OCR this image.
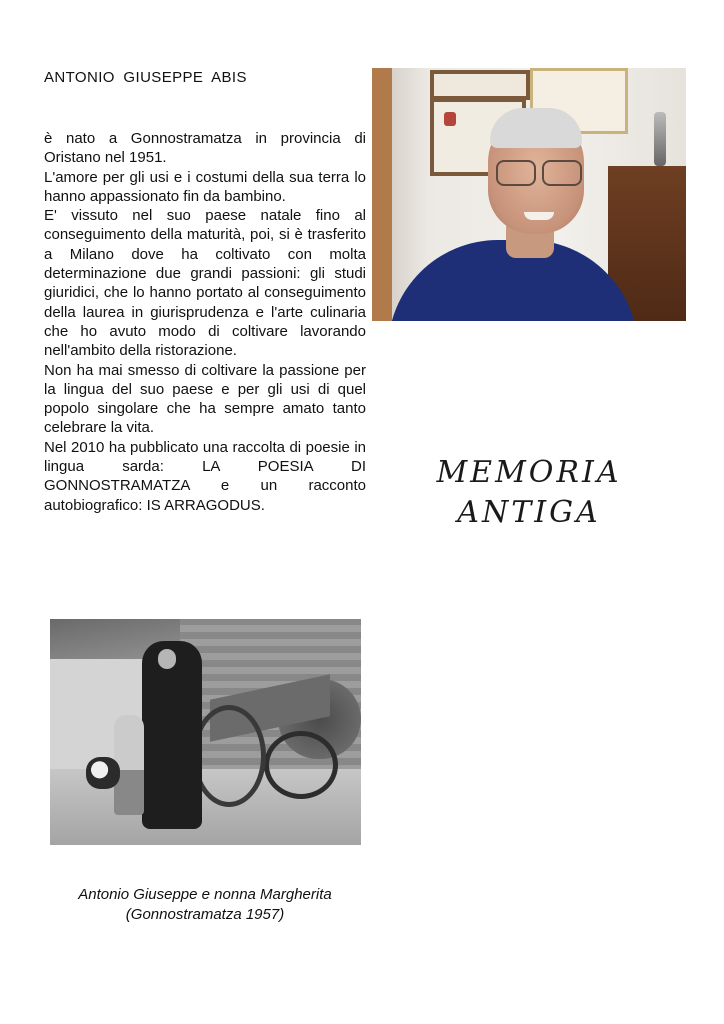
ANTONIO GIUSEPPE ABIS

è nato a Gonnostramatza in provincia di Oristano nel 1951.

L'amore per gli usi e i costumi della sua terra lo hanno appassionato fin da bambino.

E' vissuto nel suo paese natale fino al conseguimento della maturità, poi, si è trasferito a Milano dove ha coltivato con molta determinazione due grandi passioni: gli studi giuridici, che lo hanno portato al conseguimento della laurea in giurisprudenza e l'arte culinaria che ho avuto modo di coltivare lavorando nell'ambito della ristorazione.

Non ha mai smesso di coltivare la passione per la lingua del suo paese e per gli usi di quel popolo singolare che ha sempre amato tanto celebrare la vita.

Nel 2010 ha pubblicato una raccolta di poesie in lingua sarda: LA POESIA DI GONNOSTRAMATZA e un racconto autobiografico: IS ARRAGODUS.

MEMORIA
ANTIGA
Antonio Giuseppe e nonna Margherita
(Gonnostramatza 1957)
